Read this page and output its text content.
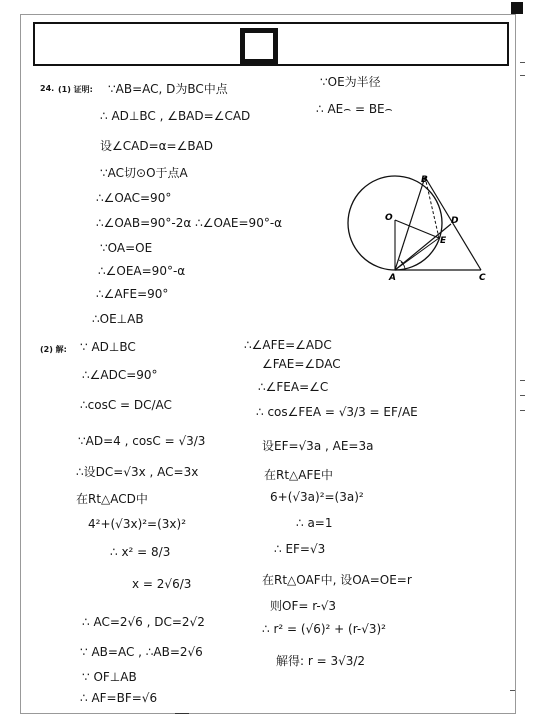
24. (1) 证明: ∵AB=AC, D为BC中点
∴ AD⊥BC , ∠BAD=∠CAD
设∠CAD=α=∠BAD
∵AC切⊙O于点A
∴∠OAC=90°
∴∠OAB=90°-2α ∴∠OAE=90°-α
∵OA=OE
∴∠OEA=90°-α
∴∠AFE=90°
∴OE⊥AB
∵OE为半径
∴ AE⌢ = BE⌢
B
O	D
E
A	C
(2) 解: ∵ AD⊥BC
∴∠ADC=90°
∴cosC = DC/AC
∵AD=4 , cosC = √3/3
∴设DC=√3x , AC=3x
在Rt△ACD中
4²+(√3x)²=(3x)²
∴ x² = 8/3
x = 2√6/3
∴ AC=2√6 , DC=2√2
∵ AB=AC , ∴AB=2√6
∵ OF⊥AB
∴ AF=BF=√6
∴∠AFE=∠ADC
∠FAE=∠DAC
∴∠FEA=∠C
∴ cos∠FEA = √3/3 = EF/AE
设EF=√3a , AE=3a
在Rt△AFE中
6+(√3a)²=(3a)²
∴ a=1
∴ EF=√3
在Rt△OAF中, 设OA=OE=r
则OF= r-√3
∴ r² = (√6)² + (r-√3)²
解得: r = 3√3/2
